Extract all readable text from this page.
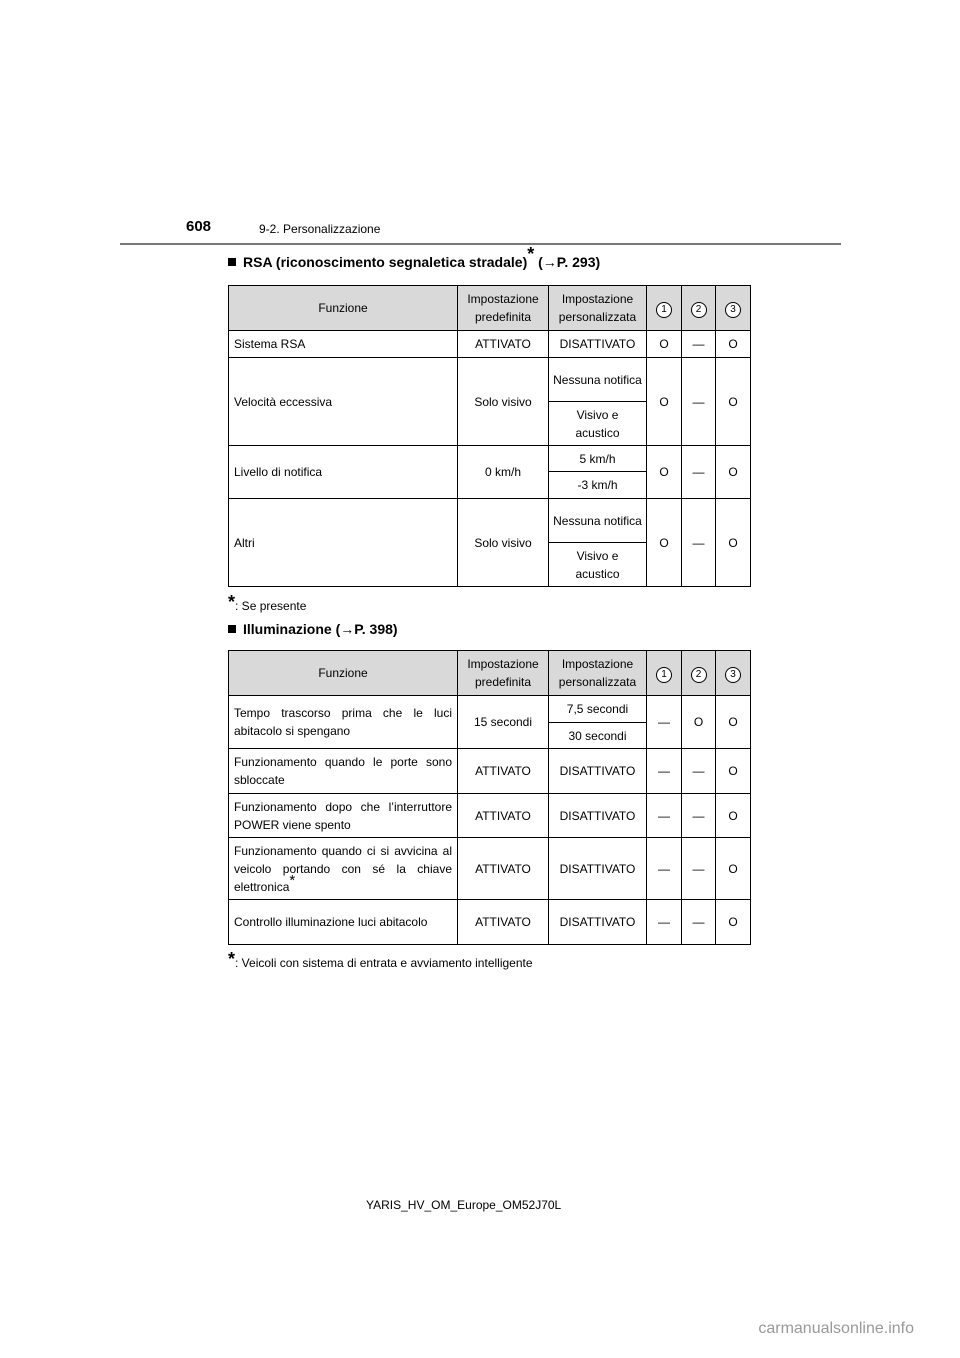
608	9-2. Personalizzazione
RSA (riconoscimento segnaletica stradale)* (→P. 293)
Funzione	Impostazione predefinita	Impostazione personalizzata	1	2	3
Sistema RSA	ATTIVATO	DISATTIVATO	O	—	O
Velocità eccessiva	Solo visivo	Nessuna notifica	O	—	O
		Visivo e acustico			
Livello di notifica	0 km/h	5 km/h	O	—	O
		-3 km/h			
Altri	Solo visivo	Nessuna notifica	O	—	O
		Visivo e acustico			
*: Se presente
Illuminazione (→P. 398)
Funzione	Impostazione predefinita	Impostazione personalizzata	1	2	3
Tempo trascorso prima che le luci abitacolo si spengano	15 secondi	7,5 secondi	—	O	O
		30 secondi			
Funzionamento quando le porte sono sbloccate	ATTIVATO	DISATTIVATO	—	—	O
Funzionamento dopo che l’interruttore POWER viene spento	ATTIVATO	DISATTIVATO	—	—	O
Funzionamento quando ci si avvicina al veicolo portando con sé la chiave elettronica*	ATTIVATO	DISATTIVATO	—	—	O
Controllo illuminazione luci abitacolo	ATTIVATO	DISATTIVATO	—	—	O
*: Veicoli con sistema di entrata e avviamento intelligente
YARIS_HV_OM_Europe_OM52J70L
carmanualsonline.info
